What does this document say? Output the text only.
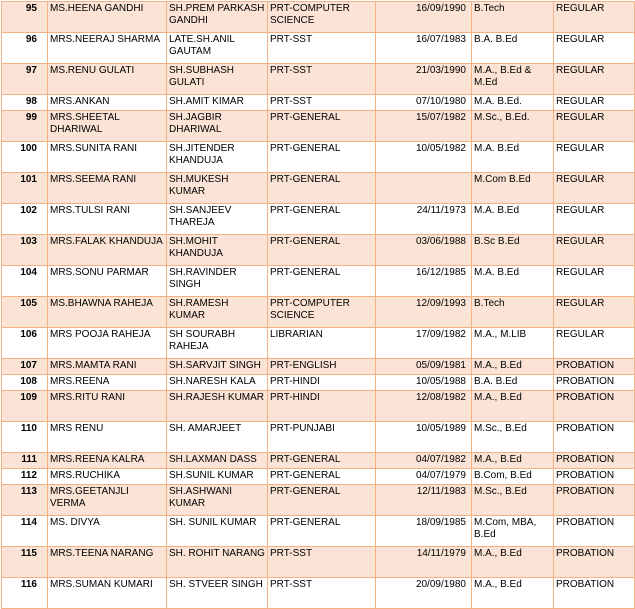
95	MS.HEENA GANDHI	SH.PREM PARKASH GANDHI	PRT-COMPUTER SCIENCE	16/09/1990	B.Tech	REGULAR
96	MRS.NEERAJ SHARMA	LATE.SH.ANIL GAUTAM	PRT-SST	16/07/1983	B.A. B.Ed	REGULAR
97	MS.RENU GULATI	SH.SUBHASH GULATI	PRT-SST	21/03/1990	M.A., B.Ed & M.Ed	REGULAR
98	MRS.ANKAN	SH.AMIT KIMAR	PRT-SST	07/10/1980	M.A. B.Ed.	REGULAR
99	MRS.SHEETAL DHARIWAL	SH.JAGBIR DHARIWAL	PRT-GENERAL	15/07/1982	M.Sc., B.Ed.	REGULAR
100	MRS.SUNITA RANI	SH.JITENDER KHANDUJA	PRT-GENERAL	10/05/1982	M.A. B.Ed	REGULAR
101	MRS.SEEMA RANI	SH.MUKESH KUMAR	PRT-GENERAL		M.Com B.Ed	REGULAR
102	MRS.TULSI RANI	SH.SANJEEV THAREJA	PRT-GENERAL	24/11/1973	M.A. B.Ed	REGULAR
103	MRS.FALAK KHANDUJA	SH.MOHIT KHANDUJA	PRT-GENERAL	03/06/1988	B.Sc B.Ed	REGULAR
104	MRS.SONU PARMAR	SH.RAVINDER SINGH	PRT-GENERAL	16/12/1985	M.A. B.Ed	REGULAR
105	MS.BHAWNA RAHEJA	SH.RAMESH KUMAR	PRT-COMPUTER SCIENCE	12/09/1993	B.Tech	REGULAR
106	MRS POOJA RAHEJA	SH SOURABH RAHEJA	LIBRARIAN	17/09/1982	M.A., M.LIB	REGULAR
107	MRS.MAMTA RANI	SH.SARVJIT SINGH	PRT-ENGLISH	05/09/1981	M.A., B.Ed	PROBATION
108	MRS.REENA	SH.NARESH KALA	PRT-HINDI	10/05/1988	B.A. B.Ed	PROBATION
109	MRS.RITU RANI	SH.RAJESH KUMAR	PRT-HINDI	12/08/1982	M.A., B.Ed	PROBATION
110	MRS RENU	SH. AMARJEET	PRT-PUNJABI	10/05/1989	M.Sc., B.Ed	PROBATION
111	MRS.REENA KALRA	SH.LAXMAN DASS	PRT-GENERAL	04/07/1982	M.A., B.Ed	PROBATION
112	MRS.RUCHIKA	SH.SUNIL KUMAR	PRT-GENERAL	04/07/1979	B.Com, B.Ed	PROBATION
113	MRS.GEETANJLI VERMA	SH.ASHWANI KUMAR	PRT-GENERAL	12/11/1983	M.Sc., B.Ed	PROBATION
114	MS. DIVYA	SH. SUNIL KUMAR	PRT-GENERAL	18/09/1985	M.Com, MBA, B.Ed	PROBATION
115	MRS.TEENA NARANG	SH. ROHIT NARANG	PRT-SST	14/11/1979	M.A., B.Ed	PROBATION
116	MRS.SUMAN KUMARI	SH. STVEER SINGH	PRT-SST	20/09/1980	M.A., B.Ed	PROBATION
